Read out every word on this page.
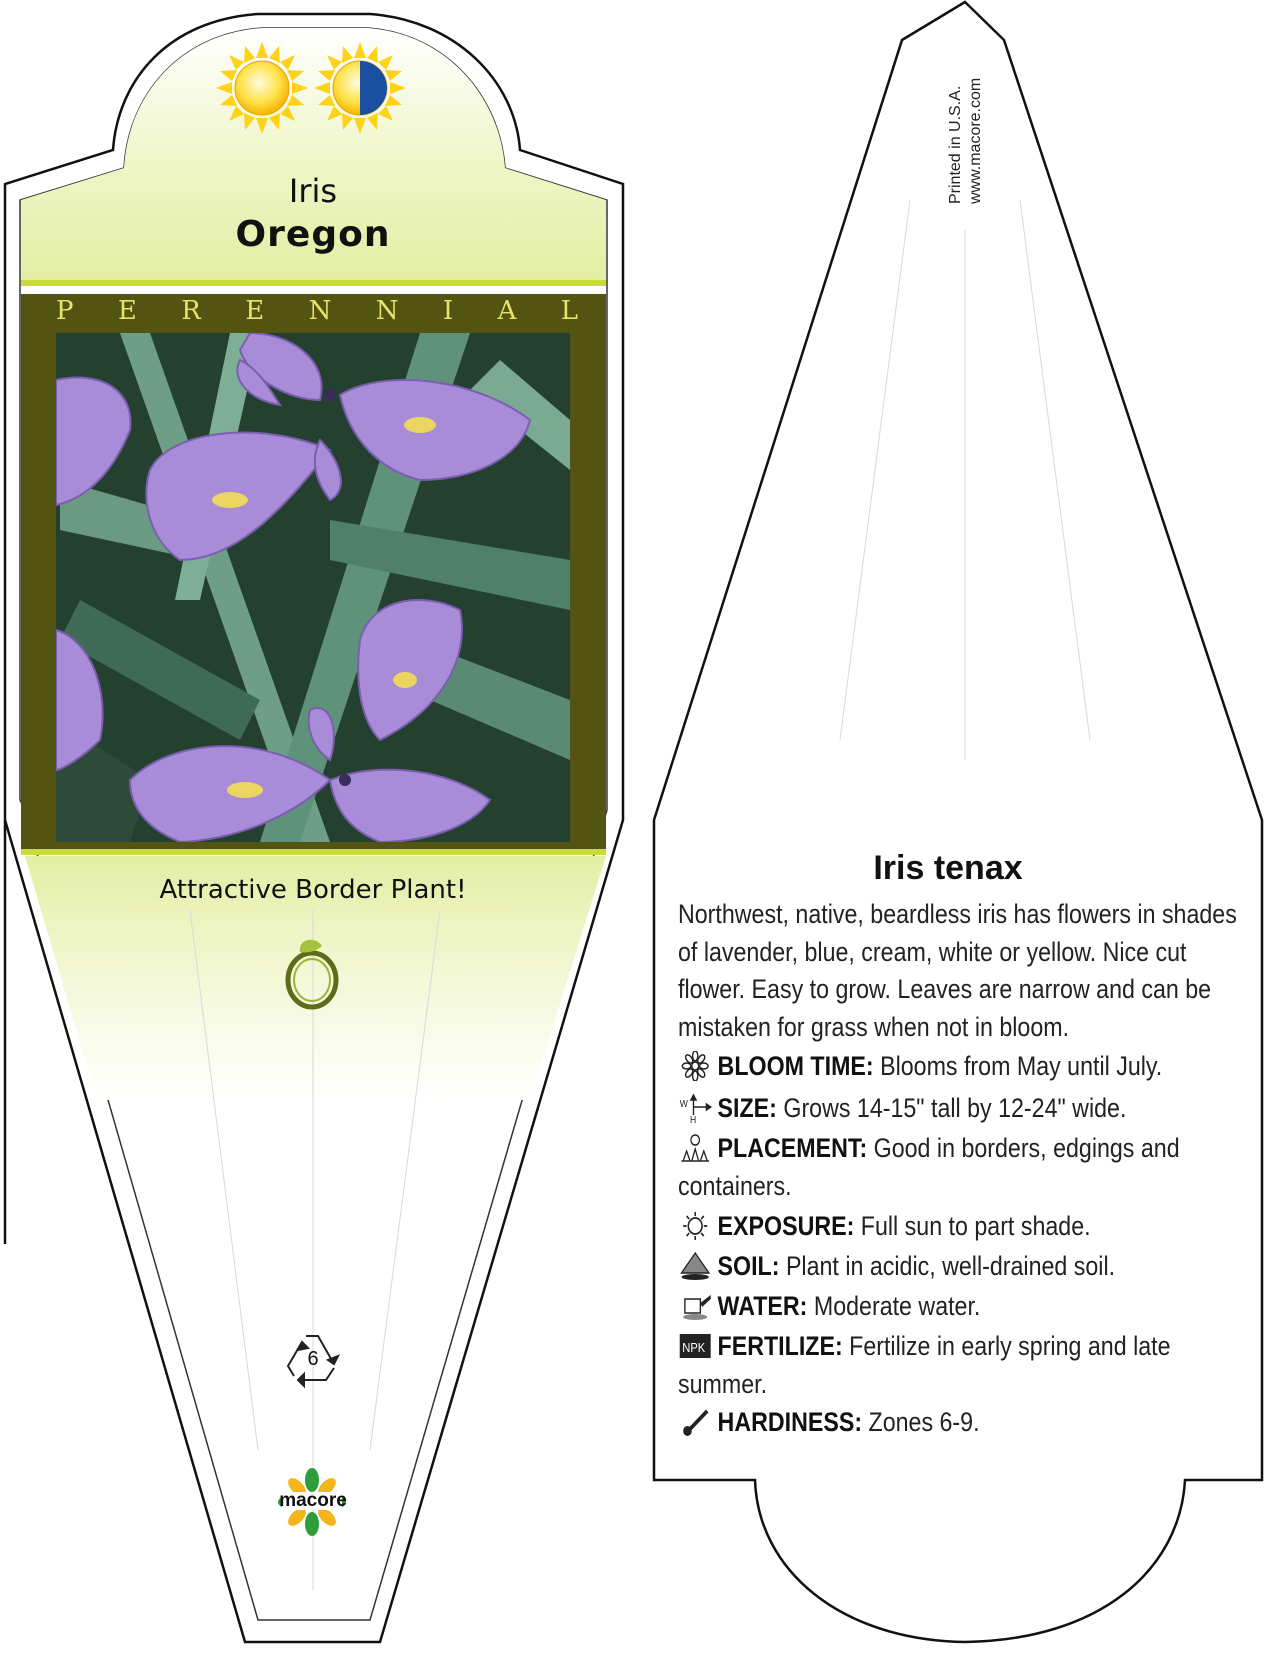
Iris
Oregon
P E R E N N I A L
Attractive Border Plant!
6
macore
Printed in U.S.A. www.macore.com
Iris tenax
Northwest, native, beardless iris has flowers in shades of lavender, blue, cream, white or yellow. Nice cut flower. Easy to grow. Leaves are narrow and can be mistaken for grass when not in bloom.
BLOOM TIME: Blooms from May until July.
W
H SIZE: Grows 14-15" tall by 12-24" wide.
PLACEMENT: Good in borders, edgings and containers.
EXPOSURE: Full sun to part shade.
SOIL: Plant in acidic, well-drained soil.
WATER: Moderate water.
NPK FERTILIZE: Fertilize in early spring and late summer.
HARDINESS: Zones 6-9.
